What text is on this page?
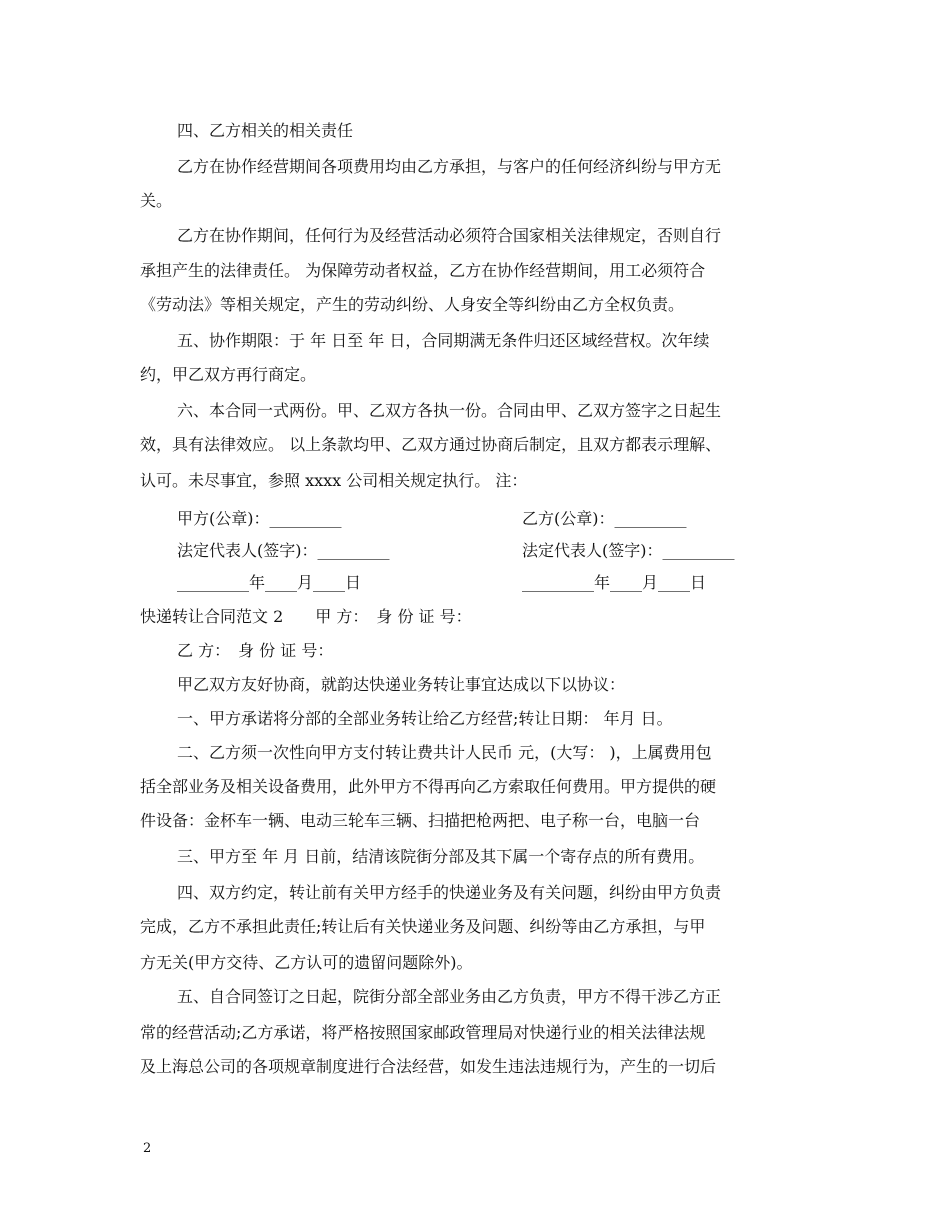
四、乙方相关的相关责任
乙方在协作经营期间各项费用均由乙方承担，与客户的任何经济纠纷与甲方无
关。
乙方在协作期间，任何行为及经营活动必须符合国家相关法律规定，否则自行
承担产生的法律责任。 为保障劳动者权益，乙方在协作经营期间，用工必须符合
《劳动法》等相关规定，产生的劳动纠纷、人身安全等纠纷由乙方全权负责。
五、协作期限：于 年 日至 年 日，合同期满无条件归还区域经营权。次年续
约，甲乙双方再行商定。
六、本合同一式两份。甲、乙双方各执一份。合同由甲、乙双方签字之日起生
效，具有法律效应。 以上条款均甲、乙双方通过协商后制定，且双方都表示理解、
认可。未尽事宜，参照 xxxx 公司相关规定执行。 注：
甲方(公章)：_________	乙方(公章)：_________
法定代表人(签字)：_________	法定代表人(签字)：_________
_________年____月____日	_________年____月____日
快递转让合同范文 2　　甲 方：　身 份 证 号：
乙 方：　身 份 证 号：
甲乙双方友好协商，就韵达快递业务转让事宜达成以下以协议：
一、甲方承诺将分部的全部业务转让给乙方经营;转让日期： 年月 日。
二、乙方须一次性向甲方支付转让费共计人民币 元，(大写： )，上属费用包
括全部业务及相关设备费用，此外甲方不得再向乙方索取任何费用。甲方提供的硬
件设备：金杯车一辆、电动三轮车三辆、扫描把枪两把、电子称一台，电脑一台
三、甲方至 年 月 日前，结清该院街分部及其下属一个寄存点的所有费用。
四、双方约定，转让前有关甲方经手的快递业务及有关问题，纠纷由甲方负责
完成，乙方不承担此责任;转让后有关快递业务及问题、纠纷等由乙方承担，与甲
方无关(甲方交待、乙方认可的遗留问题除外)。
五、自合同签订之日起，院街分部全部业务由乙方负责，甲方不得干涉乙方正
常的经营活动;乙方承诺，将严格按照国家邮政管理局对快递行业的相关法律法规
及上海总公司的各项规章制度进行合法经营，如发生违法违规行为，产生的一切后
2
